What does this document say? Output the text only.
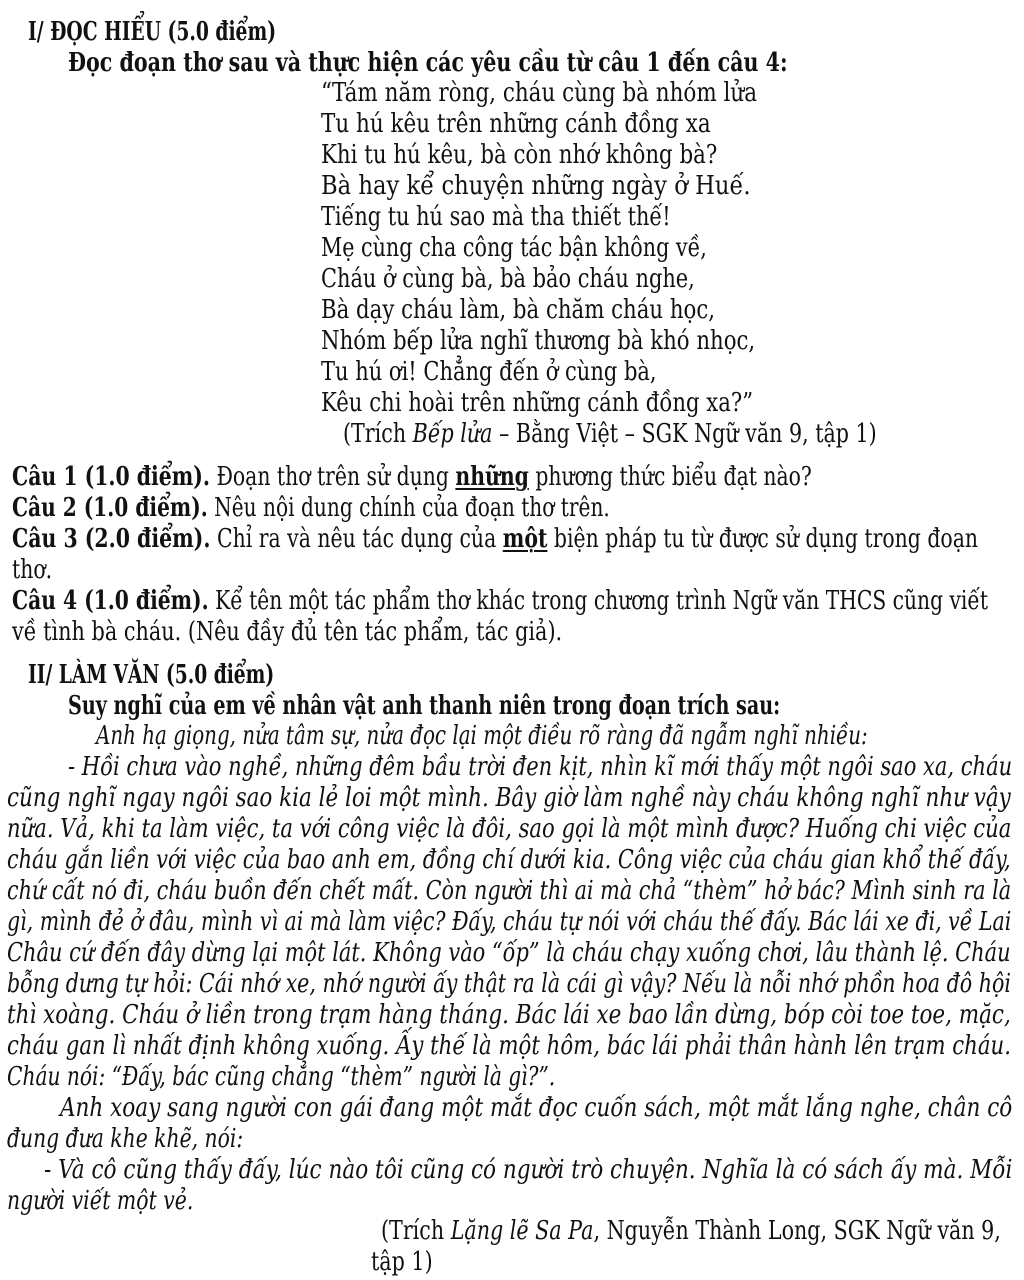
I/ ĐỌC HIỂU (5.0 điểm)
Đọc đoạn thơ sau và thực hiện các yêu cầu từ câu 1 đến câu 4:
“Tám năm ròng, cháu cùng bà nhóm lửa
Tu hú kêu trên những cánh đồng xa
Khi tu hú kêu, bà còn nhớ không bà?
Bà hay kể chuyện những ngày ở Huế.
Tiếng tu hú sao mà tha thiết thế!
Mẹ cùng cha công tác bận không về,
Cháu ở cùng bà, bà bảo cháu nghe,
Bà dạy cháu làm, bà chăm cháu học,
Nhóm bếp lửa nghĩ thương bà khó nhọc,
Tu hú ơi! Chẳng đến ở cùng bà,
Kêu chi hoài trên những cánh đồng xa?”
(Trích Bếp lửa – Bằng Việt – SGK Ngữ văn 9, tập 1)
Câu 1 (1.0 điểm). Đoạn thơ trên sử dụng những phương thức biểu đạt nào?
Câu 2 (1.0 điểm). Nêu nội dung chính của đoạn thơ trên.
Câu 3 (2.0 điểm). Chỉ ra và nêu tác dụng của một biện pháp tu từ được sử dụng trong đoạn
thơ.
Câu 4 (1.0 điểm). Kể tên một tác phẩm thơ khác trong chương trình Ngữ văn THCS cũng viết
về tình bà cháu. (Nêu đầy đủ tên tác phẩm, tác giả).
II/ LÀM VĂN (5.0 điểm)
Suy nghĩ của em về nhân vật anh thanh niên trong đoạn trích sau:
Anh hạ giọng, nửa tâm sự, nửa đọc lại một điều rõ ràng đã ngẫm nghĩ nhiều:
- Hồi chưa vào nghề, những đêm bầu trời đen kịt, nhìn kĩ mới thấy một ngôi sao xa, cháu
cũng nghĩ ngay ngôi sao kia lẻ loi một mình. Bây giờ làm nghề này cháu không nghĩ như vậy
nữa. Vả, khi ta làm việc, ta với công việc là đôi, sao gọi là một mình được? Huống chi việc của
cháu gắn liền với việc của bao anh em, đồng chí dưới kia. Công việc của cháu gian khổ thế đấy,
chứ cất nó đi, cháu buồn đến chết mất. Còn người thì ai mà chả “thèm” hở bác? Mình sinh ra là
gì, mình đẻ ở đâu, mình vì ai mà làm việc? Đấy, cháu tự nói với cháu thế đấy. Bác lái xe đi, về Lai
Châu cứ đến đây dừng lại một lát. Không vào “ốp” là cháu chạy xuống chơi, lâu thành lệ. Cháu
bỗng dưng tự hỏi: Cái nhớ xe, nhớ người ấy thật ra là cái gì vậy? Nếu là nỗi nhớ phồn hoa đô hội
thì xoàng. Cháu ở liền trong trạm hàng tháng. Bác lái xe bao lần dừng, bóp còi toe toe, mặc,
cháu gan lì nhất định không xuống. Ấy thế là một hôm, bác lái phải thân hành lên trạm cháu.
Cháu nói: “Đấy, bác cũng chẳng “thèm” người là gì?”.
Anh xoay sang người con gái đang một mắt đọc cuốn sách, một mắt lắng nghe, chân cô
đung đưa khe khẽ, nói:
- Và cô cũng thấy đấy, lúc nào tôi cũng có người trò chuyện. Nghĩa là có sách ấy mà. Mỗi
người viết một vẻ.
(Trích Lặng lẽ Sa Pa, Nguyễn Thành Long, SGK Ngữ văn 9,
tập 1)
